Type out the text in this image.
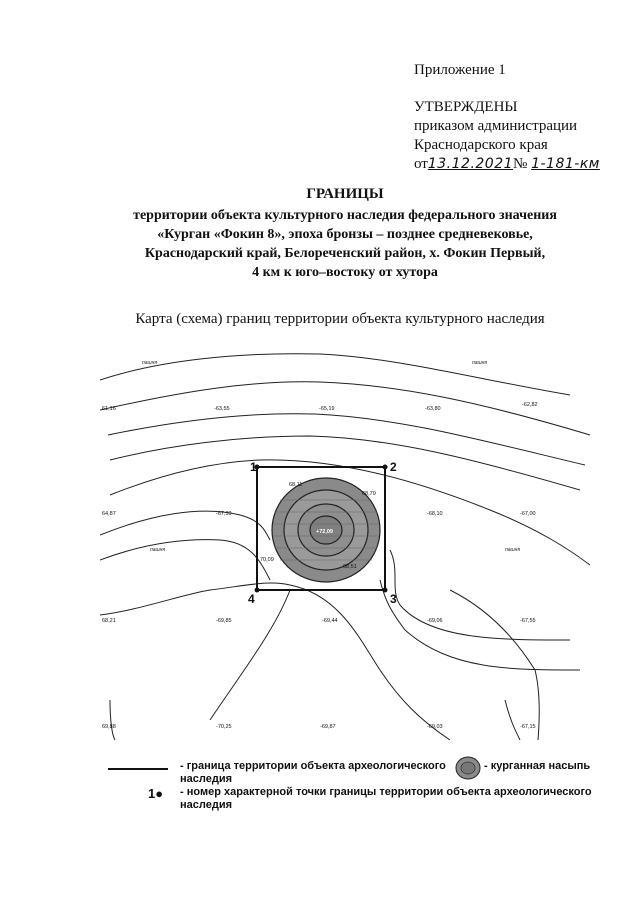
Приложение 1
УТВЕРЖДЕНЫ
приказом администрации
Краснодарского края
от13.12.2021№ 1-181-км
ГРАНИЦЫ
территории объекта культурного наследия федерального значения
«Курган «Фокин 8», эпоха бронзы – позднее средневековье,
Краснодарский край, Белореченский район, х. Фокин Первый,
4 км к юго–востоку от хутора
Карта (схема) границ территории объекта культурного наследия
1	2
3
4
пашня	пашня
пашня	пашня
61,16	-63,55	-65,19	-63,80
-62,82
64,87	-67,39	-68,10	-67,00
68,21	-69,85	-69,44	-69,06	-67,55
69,88	-70,25	-69,87	-69,03	-67,15
68,11
68,79
+72,09
70,09
68,51
- граница территории объекта археологического наследия
- курганная насыпь
1● - номер характерной точки границы территории объекта археологического наследия
